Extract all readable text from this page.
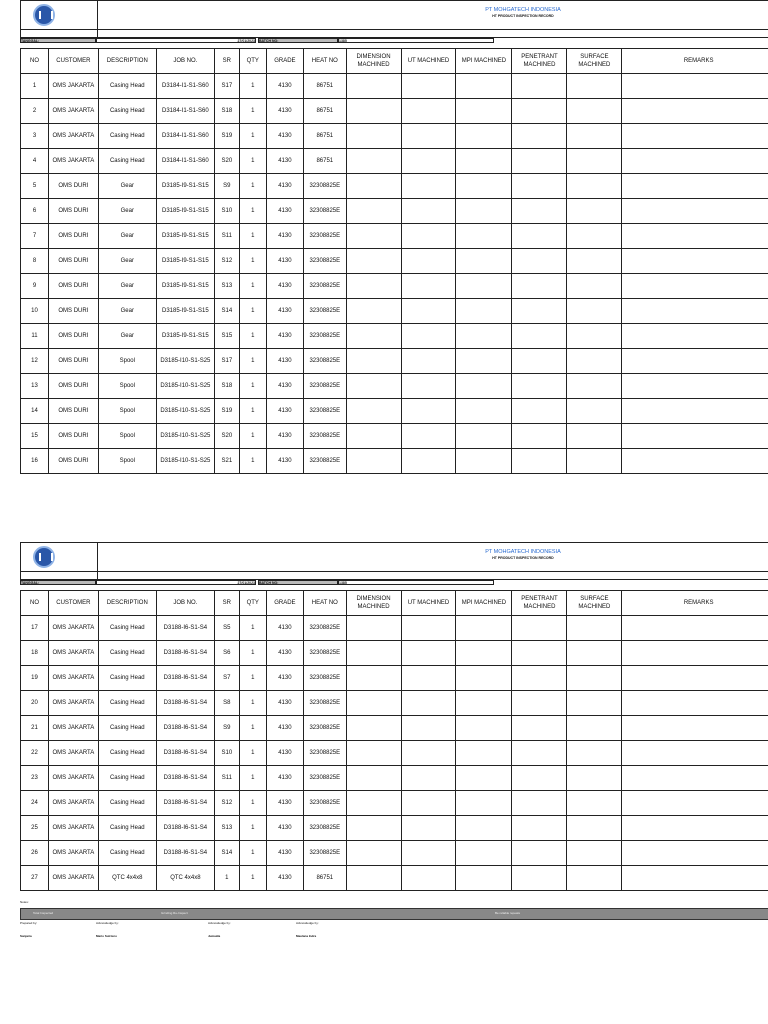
PT MOHGATECH INDONESIA
HT PRODUCT INSPECTION RECORD
TANGGAL:	27/01/2023 BATCH NO:	1385
NO	CUSTOMER	DESCRIPTION	JOB NO.	SR	QTY	GRADE	HEAT NO	DIMENSION MACHINED	UT MACHINED	MPI MACHINED	PENETRANT MACHINED	SURFACE MACHINED	REMARKS
1	OMS JAKARTA	Casing Head	D3184-I1-S1-S60	S17	1	4130	86751						
2	OMS JAKARTA	Casing Head	D3184-I1-S1-S60	S18	1	4130	86751						
3	OMS JAKARTA	Casing Head	D3184-I1-S1-S60	S19	1	4130	86751						
4	OMS JAKARTA	Casing Head	D3184-I1-S1-S60	S20	1	4130	86751						
5	OMS DURI	Gear	D3185-I9-S1-S15	S9	1	4130	32308825E						
6	OMS DURI	Gear	D3185-I9-S1-S15	S10	1	4130	32308825E						
7	OMS DURI	Gear	D3185-I9-S1-S15	S11	1	4130	32308825E						
8	OMS DURI	Gear	D3185-I9-S1-S15	S12	1	4130	32308825E						
9	OMS DURI	Gear	D3185-I9-S1-S15	S13	1	4130	32308825E						
10	OMS DURI	Gear	D3185-I9-S1-S15	S14	1	4130	32308825E						
11	OMS DURI	Gear	D3185-I9-S1-S15	S15	1	4130	32308825E						
12	OMS DURI	Spool	D3185-I10-S1-S25	S17	1	4130	32308825E						
13	OMS DURI	Spool	D3185-I10-S1-S25	S18	1	4130	32308825E						
14	OMS DURI	Spool	D3185-I10-S1-S25	S19	1	4130	32308825E						
15	OMS DURI	Spool	D3185-I10-S1-S25	S20	1	4130	32308825E						
16	OMS DURI	Spool	D3185-I10-S1-S25	S21	1	4130	32308825E						
PT MOHGATECH INDONESIA
HT PRODUCT INSPECTION RECORD
TANGGAL:	27/01/2023 BATCH NO:	1385
NO	CUSTOMER	DESCRIPTION	JOB NO.	SR	QTY	GRADE	HEAT NO	DIMENSION MACHINED	UT MACHINED	MPI MACHINED	PENETRANT MACHINED	SURFACE MACHINED	REMARKS
17	OMS JAKARTA	Casing Head	D3188-I6-S1-S4	S5	1	4130	32308825E						
18	OMS JAKARTA	Casing Head	D3188-I6-S1-S4	S6	1	4130	32308825E						
19	OMS JAKARTA	Casing Head	D3188-I6-S1-S4	S7	1	4130	32308825E						
20	OMS JAKARTA	Casing Head	D3188-I6-S1-S4	S8	1	4130	32308825E						
21	OMS JAKARTA	Casing Head	D3188-I6-S1-S4	S9	1	4130	32308825E						
22	OMS JAKARTA	Casing Head	D3188-I6-S1-S4	S10	1	4130	32308825E						
23	OMS JAKARTA	Casing Head	D3188-I6-S1-S4	S11	1	4130	32308825E						
24	OMS JAKARTA	Casing Head	D3188-I6-S1-S4	S12	1	4130	32308825E						
25	OMS JAKARTA	Casing Head	D3188-I6-S1-S4	S13	1	4130	32308825E						
26	OMS JAKARTA	Casing Head	D3188-I6-S1-S4	S14	1	4130	32308825E						
27	OMS JAKARTA	QTC 4x4x8	QTC 4x4x8	1	1	4130	86751						
Notes:
Total Inspected	Grinding Re-Inspect	Be reliable repeats
Prepared by:	Acknowledge by:	Acknowledge by:	Acknowledge by:
Sanjaria	Mario Sutrisno	Jumaida	Maulana Indra
